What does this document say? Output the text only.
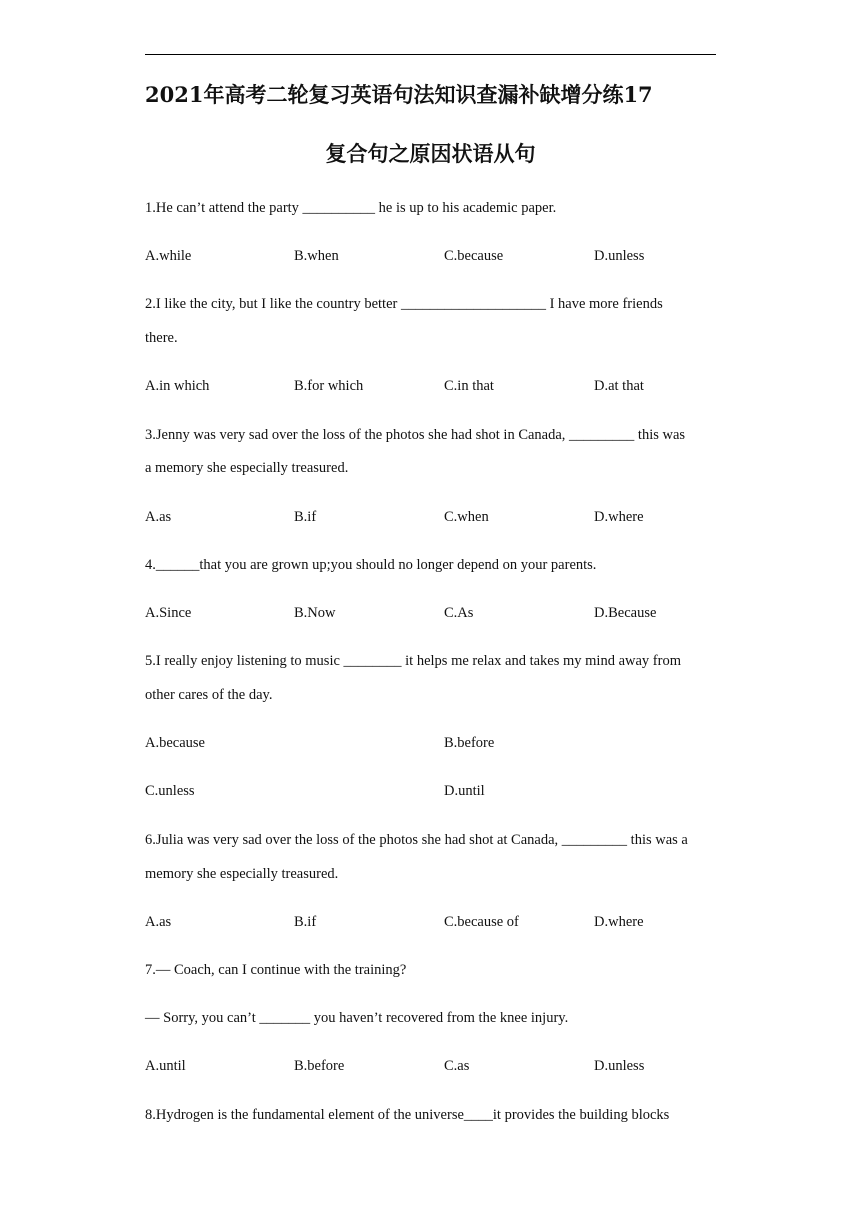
2021年高考二轮复习英语句法知识查漏补缺增分练17
复合句之原因状语从句
1.He can’t attend the party __________ he is up to his academic paper.
A.while	B.when	C.because	D.unless
2.I like the city, but I like the country better ____________________ I have more friends
there.
A.in which	B.for which	C.in that	D.at that
3.Jenny was very sad over the loss of the photos she had shot in Canada, _________ this was
a memory she especially treasured.
A.as	B.if	C.when	D.where
4.______that you are grown up;you should no longer depend on your parents.
A.Since	B.Now	C.As	D.Because
5.I really enjoy listening to music ________ it helps me relax and takes my mind away from
other cares of the day.
A.because	B.before
C.unless	D.until
6.Julia was very sad over the loss of the photos she had shot at Canada, _________ this was a
memory she especially treasured.
A.as	B.if	C.because of	D.where
7.— Coach, can I continue with the training?
— Sorry, you can’t _______ you haven’t recovered from the knee injury.
A.until	B.before	C.as	D.unless
8.Hydrogen is the fundamental element of the universe____it provides the building blocks
